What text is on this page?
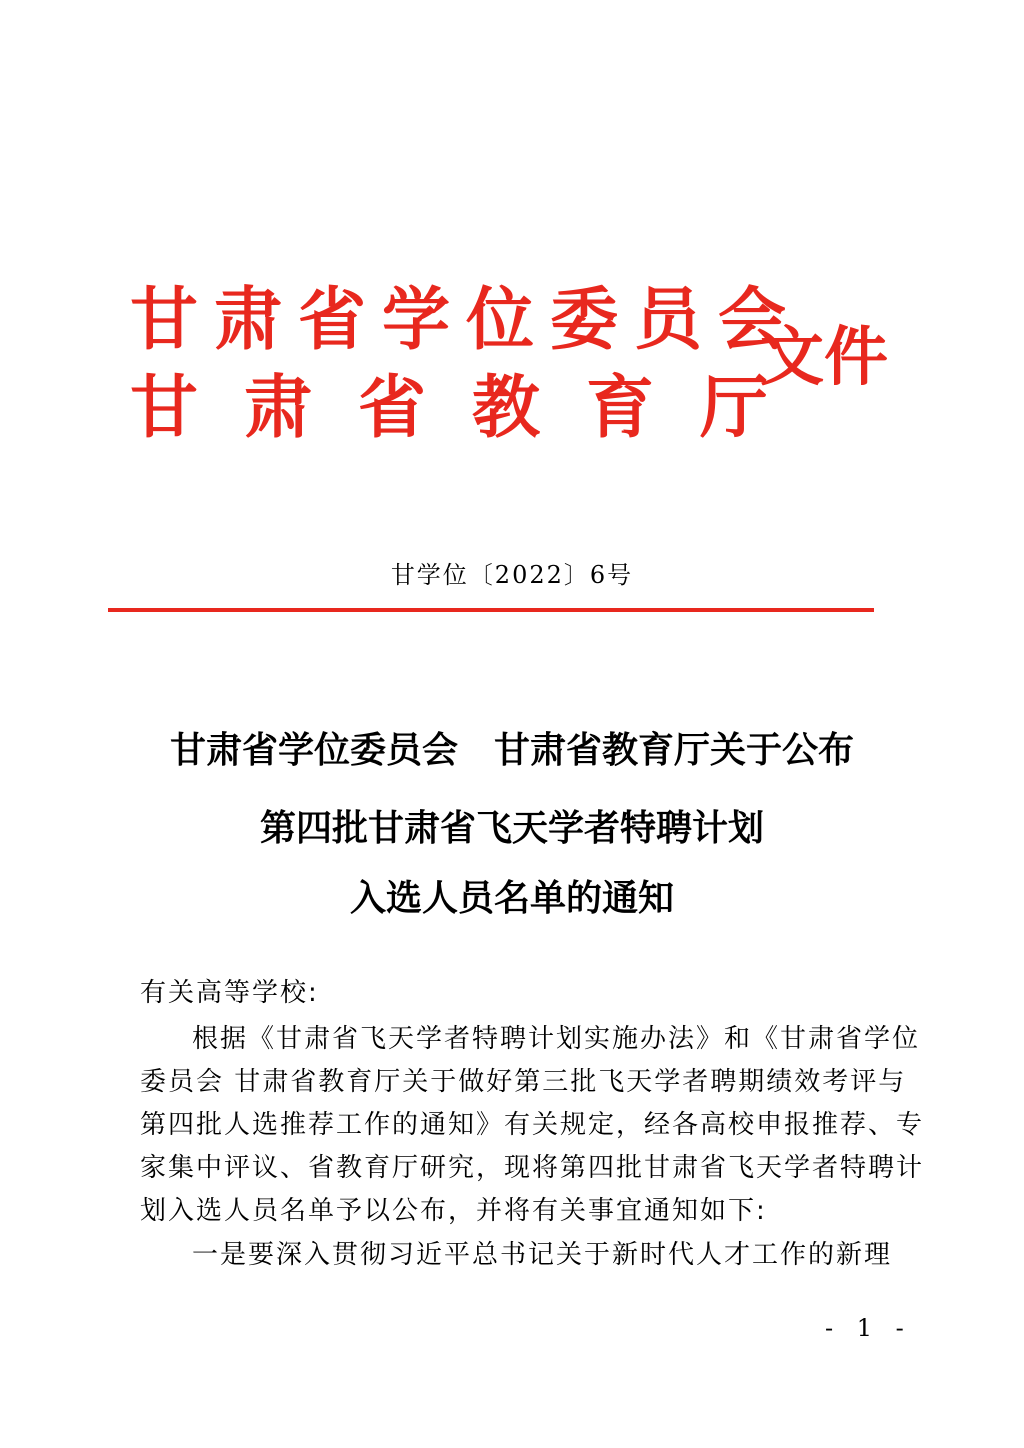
甘肃省学位委员会
甘肃省教育厅
文件
甘学位〔2022〕6号
甘肃省学位委员会　甘肃省教育厅关于公布
第四批甘肃省飞天学者特聘计划
入选人员名单的通知
有关高等学校:
根据《甘肃省飞天学者特聘计划实施办法》和《甘肃省学位
委员会 甘肃省教育厅关于做好第三批飞天学者聘期绩效考评与
第四批人选推荐工作的通知》有关规定，经各高校申报推荐、专
家集中评议、省教育厅研究，现将第四批甘肃省飞天学者特聘计
划入选人员名单予以公布，并将有关事宜通知如下:
一是要深入贯彻习近平总书记关于新时代人才工作的新理
- 1 -
